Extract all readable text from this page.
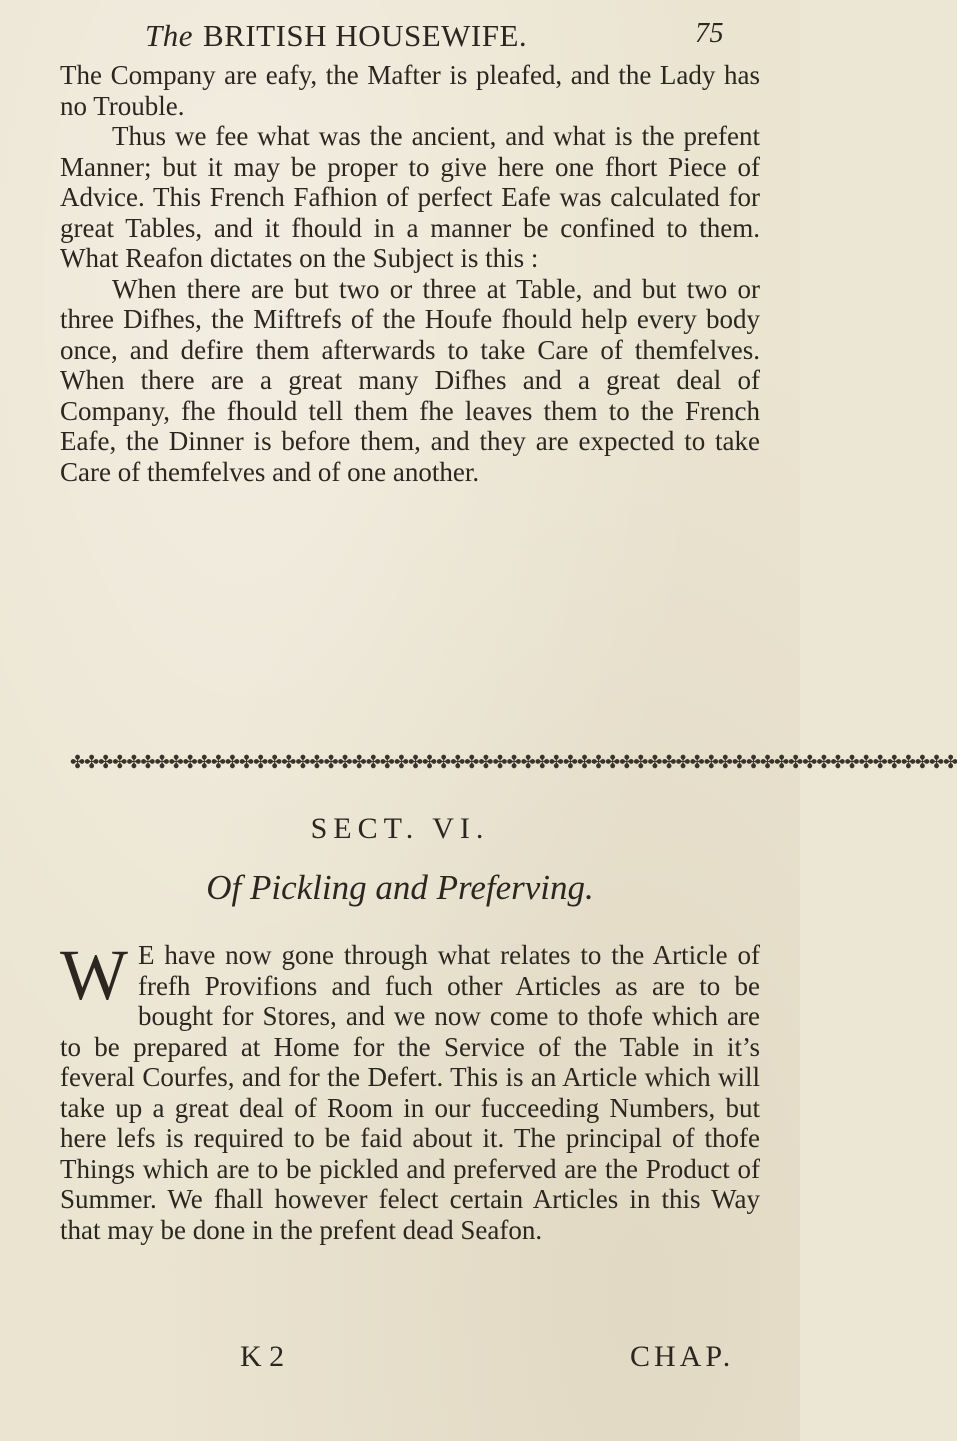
The BRITISH HOUSEWIFE.	75

The Company are eafy, the Mafter is pleafed, and the Lady has no Trouble.

Thus we fee what was the ancient, and what is the prefent Manner; but it may be proper to give here one fhort Piece of Advice. This French Fafhion of perfect Eafe was calculated for great Tables, and it fhould in a manner be confined to them. What Reafon dictates on the Subject is this :

When there are but two or three at Table, and but two or three Difhes, the Miftrefs of the Houfe fhould help every body once, and defire them afterwards to take Care of themfelves. When there are a great many Difhes and a great deal of Company, fhe fhould tell them fhe leaves them to the French Eafe, the Dinner is before them, and they are expected to take Care of themfelves and of one another.

✤✤✤✤✤✤✤✤✤✤✤✤✤✤✤✤✤✤✤✤✤✤✤✤✤✤✤✤✤✤✤✤✤✤✤✤✤✤✤✤✤✤✤✤✤✤✤✤✤✤✤✤✤✤✤✤✤✤✤✤✤✤✤
SECT. VI.
Of Pickling and Preferving.

W E have now gone through what relates to the Article of frefh Provifions and fuch other Articles as are to be bought for Stores, and we now come to thofe which are to be prepared at Home for the Service of the Table in it’s feveral Courfes, and for the Defert. This is an Article which will take up a great deal of Room in our fucceeding Numbers, but here lefs is required to be faid about it. The principal of thofe Things which are to be pickled and preferved are the Product of Summer. We fhall however felect certain Articles in this Way that may be done in the prefent dead Seafon.

K 2	CHAP.
